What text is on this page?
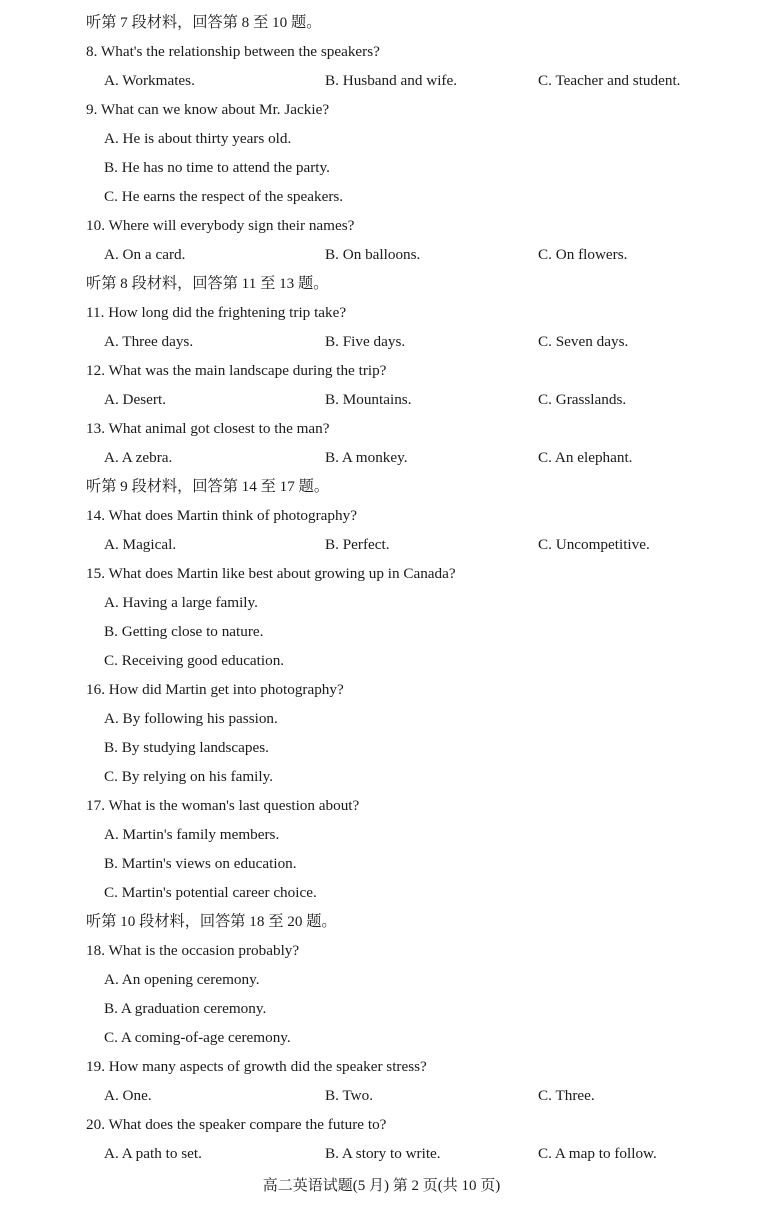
听第 7 段材料，回答第 8 至 10 题。
8. What's the relationship between the speakers?
A. Workmates.	B. Husband and wife.	C. Teacher and student.
9. What can we know about Mr. Jackie?
A. He is about thirty years old.
B. He has no time to attend the party.
C. He earns the respect of the speakers.
10. Where will everybody sign their names?
A. On a card.	B. On balloons.	C. On flowers.
听第 8 段材料，回答第 11 至 13 题。
11. How long did the frightening trip take?
A. Three days.	B. Five days.	C. Seven days.
12. What was the main landscape during the trip?
A. Desert.	B. Mountains.	C. Grasslands.
13. What animal got closest to the man?
A. A zebra.	B. A monkey.	C. An elephant.
听第 9 段材料，回答第 14 至 17 题。
14. What does Martin think of photography?
A. Magical.	B. Perfect.	C. Uncompetitive.
15. What does Martin like best about growing up in Canada?
A. Having a large family.
B. Getting close to nature.
C. Receiving good education.
16. How did Martin get into photography?
A. By following his passion.
B. By studying landscapes.
C. By relying on his family.
17. What is the woman's last question about?
A. Martin's family members.
B. Martin's views on education.
C. Martin's potential career choice.
听第 10 段材料，回答第 18 至 20 题。
18. What is the occasion probably?
A. An opening ceremony.
B. A graduation ceremony.
C. A coming-of-age ceremony.
19. How many aspects of growth did the speaker stress?
A. One.	B. Two.	C. Three.
20. What does the speaker compare the future to?
A. A path to set.	B. A story to write.	C. A map to follow.
高二英语试题(5 月) 第 2 页(共 10 页)
